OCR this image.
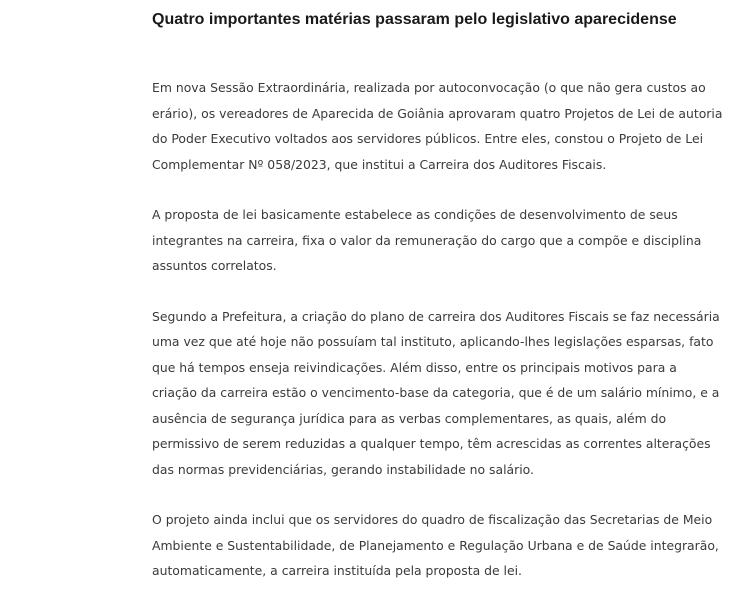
Quatro importantes matérias passaram pelo legislativo aparecidense

Em nova Sessão Extraordinária, realizada por autoconvocação (o que não gera custos ao erário), os vereadores de Aparecida de Goiânia aprovaram quatro Projetos de Lei de autoria do Poder Executivo voltados aos servidores públicos. Entre eles, constou o Projeto de Lei Complementar Nº 058/2023, que institui a Carreira dos Auditores Fiscais.

A proposta de lei basicamente estabelece as condições de desenvolvimento de seus integrantes na carreira, fixa o valor da remuneração do cargo que a compõe e disciplina assuntos correlatos.

Segundo a Prefeitura, a criação do plano de carreira dos Auditores Fiscais se faz necessária uma vez que até hoje não possuíam tal instituto, aplicando-lhes legislações esparsas, fato que há tempos enseja reivindicações. Além disso, entre os principais motivos para a criação da carreira estão o vencimento-base da categoria, que é de um salário mínimo, e a ausência de segurança jurídica para as verbas complementares, as quais, além do permissivo de serem reduzidas a qualquer tempo, têm acrescidas as correntes alterações das normas previdenciárias, gerando instabilidade no salário.

O projeto ainda inclui que os servidores do quadro de fiscalização das Secretarias de Meio Ambiente e Sustentabilidade, de Planejamento e Regulação Urbana e de Saúde integrarão, automaticamente, a carreira instituída pela proposta de lei.
